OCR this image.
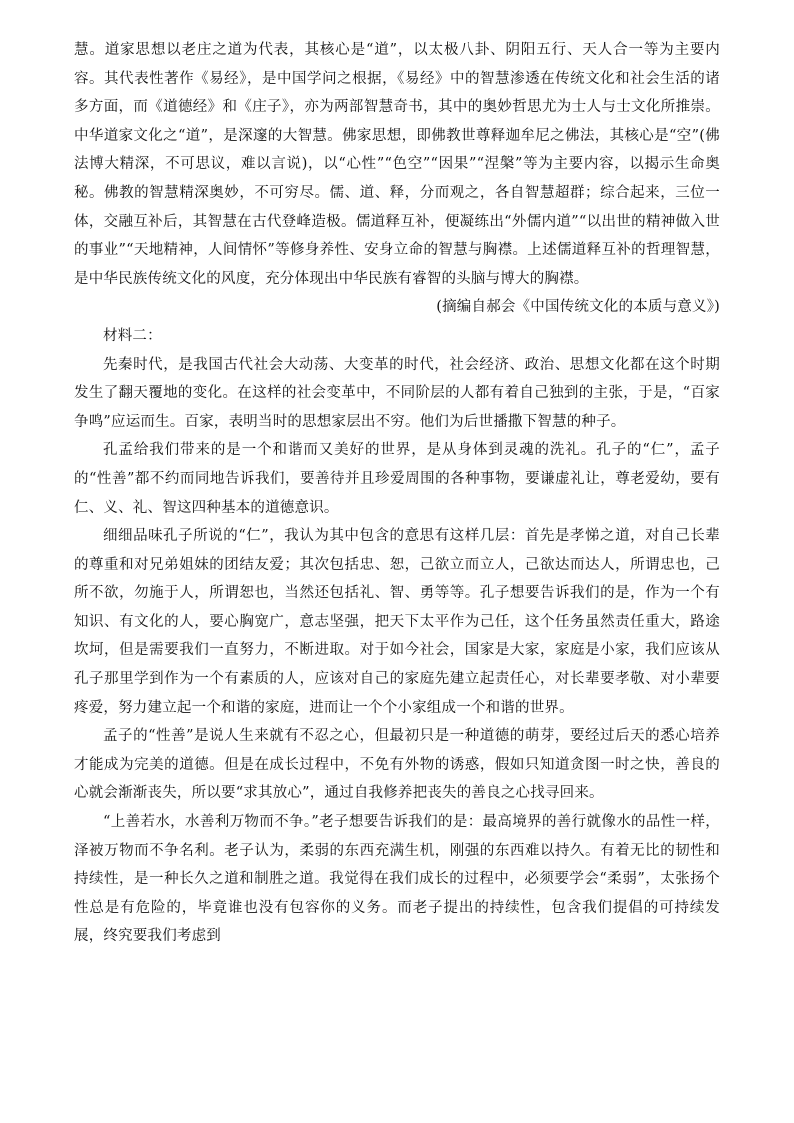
慧。道家思想以老庄之道为代表，其核心是“道”，以太极八卦、阴阳五行、天人合一等为主要内容。其代表性著作《易经》，是中国学问之根据，《易经》中的智慧渗透在传统文化和社会生活的诸多方面，而《道德经》和《庄子》，亦为两部智慧奇书，其中的奥妙哲思尤为士人与士文化所推崇。中华道家文化之“道”，是深邃的大智慧。佛家思想，即佛教世尊释迦牟尼之佛法，其核心是“空”(佛法博大精深，不可思议，难以言说)，以“心性”“色空”“因果”“涅槃”等为主要内容，以揭示生命奥秘。佛教的智慧精深奥妙，不可穷尽。儒、道、释，分而观之，各自智慧超群；综合起来，三位一体，交融互补后，其智慧在古代登峰造极。儒道释互补，便凝练出“外儒内道”“以出世的精神做入世的事业”“天地精神，人间情怀”等修身养性、安身立命的智慧与胸襟。上述儒道释互补的哲理智慧，是中华民族传统文化的风度，充分体现出中华民族有睿智的头脑与博大的胸襟。

(摘编自郝会《中国传统文化的本质与意义》)

材料二：

先秦时代，是我国古代社会大动荡、大变革的时代，社会经济、政治、思想文化都在这个时期发生了翻天覆地的变化。在这样的社会变革中，不同阶层的人都有着自己独到的主张，于是，“百家争鸣”应运而生。百家，表明当时的思想家层出不穷。他们为后世播撒下智慧的种子。

孔孟给我们带来的是一个和谐而又美好的世界，是从身体到灵魂的洗礼。孔子的“仁”，孟子的“性善”都不约而同地告诉我们，要善待并且珍爱周围的各种事物，要谦虚礼让，尊老爱幼，要有仁、义、礼、智这四种基本的道德意识。

细细品味孔子所说的“仁”，我认为其中包含的意思有这样几层：首先是孝悌之道，对自己长辈的尊重和对兄弟姐妹的团结友爱；其次包括忠、恕，己欲立而立人，己欲达而达人，所谓忠也，己所不欲，勿施于人，所谓恕也，当然还包括礼、智、勇等等。孔子想要告诉我们的是，作为一个有知识、有文化的人，要心胸宽广，意志坚强，把天下太平作为己任，这个任务虽然责任重大，路途坎坷，但是需要我们一直努力，不断进取。对于如今社会，国家是大家，家庭是小家，我们应该从孔子那里学到作为一个有素质的人，应该对自己的家庭先建立起责任心，对长辈要孝敬、对小辈要疼爱，努力建立起一个和谐的家庭，进而让一个个小家组成一个和谐的世界。

孟子的“性善”是说人生来就有不忍之心，但最初只是一种道德的萌芽，要经过后天的悉心培养才能成为完美的道德。但是在成长过程中，不免有外物的诱惑，假如只知道贪图一时之快，善良的心就会渐渐丧失，所以要“求其放心”，通过自我修养把丧失的善良之心找寻回来。

“上善若水，水善利万物而不争。”老子想要告诉我们的是：最高境界的善行就像水的品性一样，泽被万物而不争名利。老子认为，柔弱的东西充满生机，刚强的东西难以持久。有着无比的韧性和持续性，是一种长久之道和制胜之道。我觉得在我们成长的过程中，必须要学会“柔弱”，太张扬个性总是有危险的，毕竟谁也没有包容你的义务。而老子提出的持续性，包含我们提倡的可持续发展，终究要我们考虑到
